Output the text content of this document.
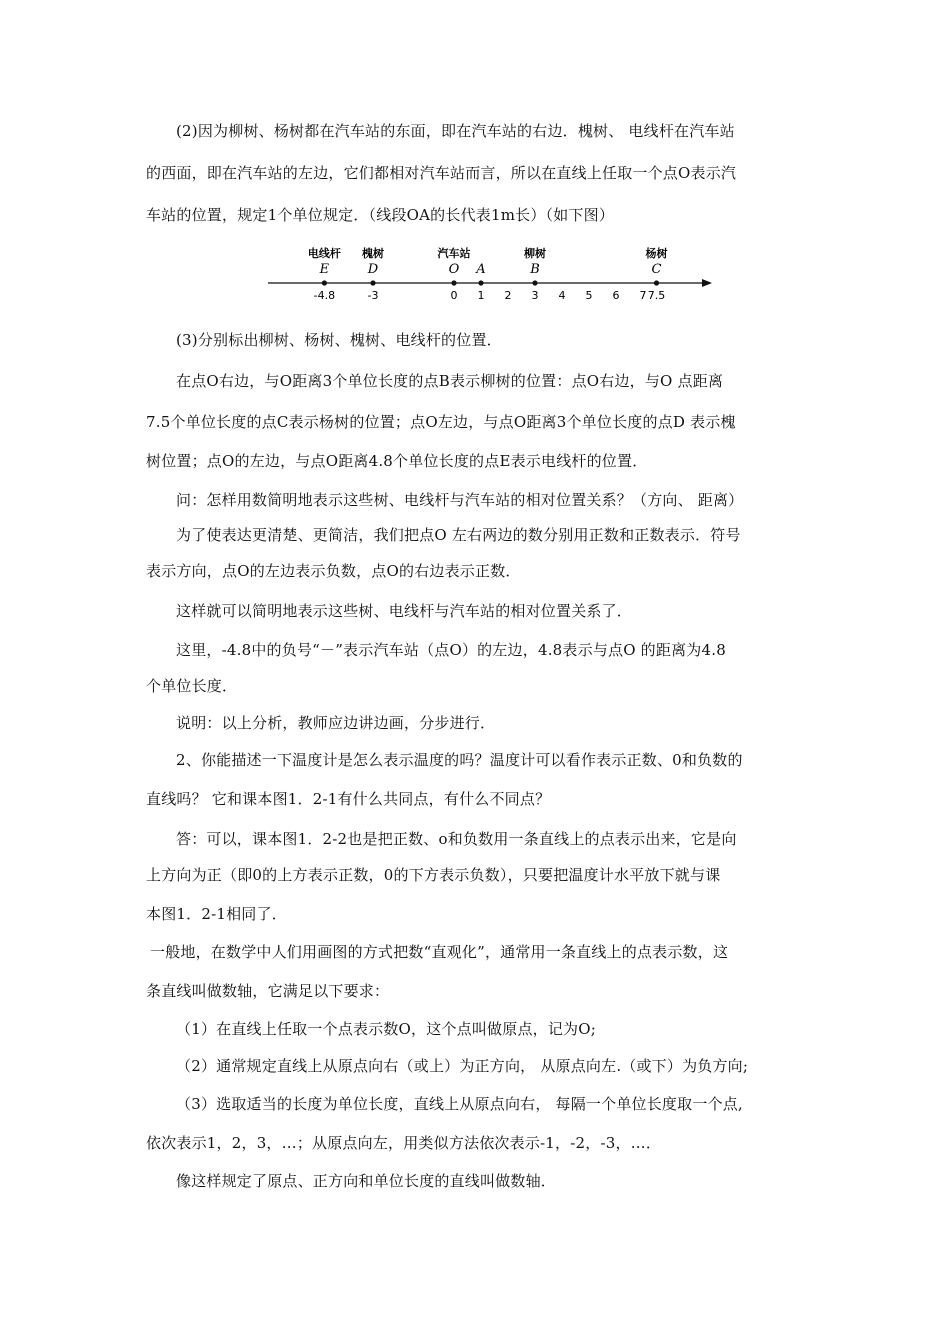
(2)因为柳树、杨树都在汽车站的东面，即在汽车站的右边．槐树、 电线杆在汽车站
的西面，即在汽车站的左边，它们都相对汽车站而言，所以在直线上任取一个点O表示汽
车站的位置，规定1个单位规定．（线段OA的长代表1m长）（如下图）
-4.8
E
电线杆
-3
D
槐树
0
O
汽车站
1
A
3
B
柳树
7.5
C
杨树
2	4 5 6 7
(3)分别标出柳树、杨树、槐树、电线杆的位置．
在点O右边，与O距离3个单位长度的点B表示柳树的位置：点O右边，与O 点距离
7.5个单位长度的点C表示杨树的位置；点O左边，与点O距离3个单位长度的点D 表示槐
树位置；点O的左边，与点O距离4.8个单位长度的点E表示电线杆的位置．
问：怎样用数简明地表示这些树、电线杆与汽车站的相对位置关系？（方向、 距离）
为了使表达更清楚、更简洁，我们把点O 左右两边的数分别用正数和正数表示．符号
表示方向，点O的左边表示负数，点O的右边表示正数．
这样就可以简明地表示这些树、电线杆与汽车站的相对位置关系了．
这里，-4.8中的负号“－”表示汽车站（点O）的左边，4.8表示与点O 的距离为4.8
个单位长度．
说明：以上分析，教师应边讲边画，分步进行．
2、你能描述一下温度计是怎么表示温度的吗？温度计可以看作表示正数、0和负数的
直线吗？ 它和课本图1．2-1有什么共同点，有什么不同点？
答：可以，课本图1．2-2也是把正数、o和负数用一条直线上的点表示出来，它是向
上方向为正（即0的上方表示正数，0的下方表示负数），只要把温度计水平放下就与课
本图1．2-1相同了．
一般地，在数学中人们用画图的方式把数“直观化”，通常用一条直线上的点表示数，这
条直线叫做数轴，它满足以下要求：
（1）在直线上任取一个点表示数O，这个点叫做原点，记为O;
（2）通常规定直线上从原点向右（或上）为正方向， 从原点向左.（或下）为负方向;
（3）选取适当的长度为单位长度，直线上从原点向右， 每隔一个单位长度取一个点,
依次表示1，2，3，…；从原点向左，用类似方法依次表示-1，-2，-3，…．
像这样规定了原点、正方向和单位长度的直线叫做数轴．
